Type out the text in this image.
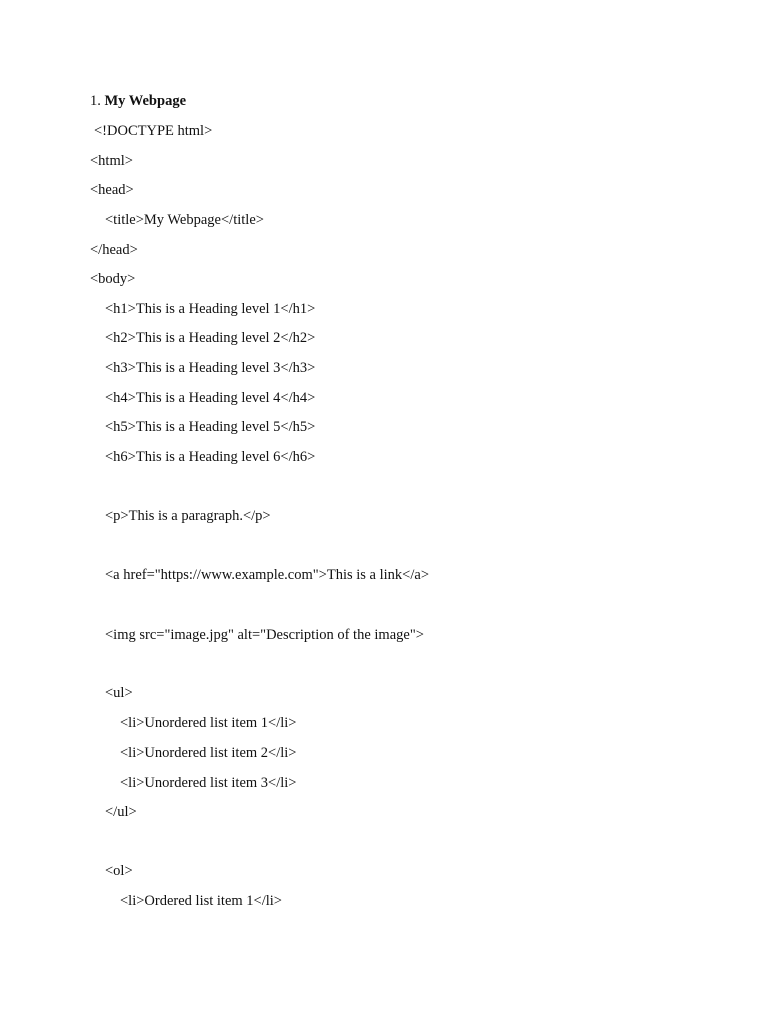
1. My Webpage
<!DOCTYPE html>
<html>
<head>
<title>My Webpage</title>
</head>
<body>
<h1>This is a Heading level 1</h1>
<h2>This is a Heading level 2</h2>
<h3>This is a Heading level 3</h3>
<h4>This is a Heading level 4</h4>
<h5>This is a Heading level 5</h5>
<h6>This is a Heading level 6</h6>
<p>This is a paragraph.</p>
<a href="https://www.example.com">This is a link</a>
<img src="image.jpg" alt="Description of the image">
<ul>
<li>Unordered list item 1</li>
<li>Unordered list item 2</li>
<li>Unordered list item 3</li>
</ul>
<ol>
<li>Ordered list item 1</li>
